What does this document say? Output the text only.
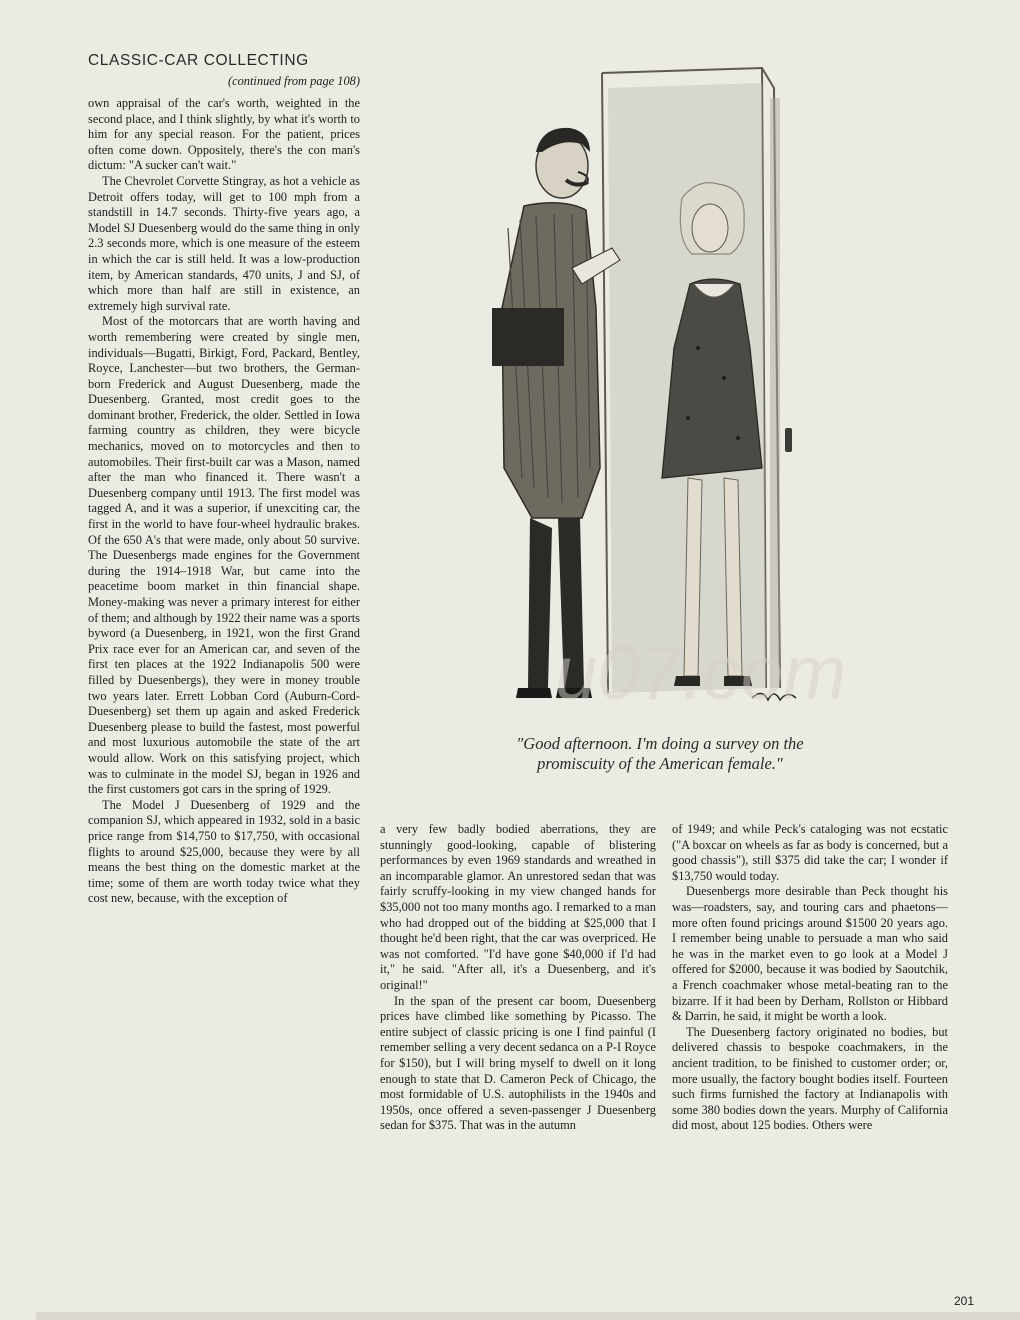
CLASSIC-CAR COLLECTING
(continued from page 108)

own appraisal of the car's worth, weighted in the second place, and I think slightly, by what it's worth to him for any special reason. For the patient, prices often come down. Oppositely, there's the con man's dictum: "A sucker can't wait."

The Chevrolet Corvette Stingray, as hot a vehicle as Detroit offers today, will get to 100 mph from a standstill in 14.7 seconds. Thirty-five years ago, a Model SJ Duesenberg would do the same thing in only 2.3 seconds more, which is one measure of the esteem in which the car is still held. It was a low-production item, by American standards, 470 units, J and SJ, of which more than half are still in existence, an extremely high survival rate.

Most of the motorcars that are worth having and worth remembering were created by single men, individuals—Bugatti, Birkigt, Ford, Packard, Bentley, Royce, Lanchester—but two brothers, the German-born Frederick and August Duesenberg, made the Duesenberg. Granted, most credit goes to the dominant brother, Frederick, the older. Settled in Iowa farming country as children, they were bicycle mechanics, moved on to motorcycles and then to automobiles. Their first-built car was a Mason, named after the man who financed it. There wasn't a Duesenberg company until 1913. The first model was tagged A, and it was a superior, if unexciting car, the first in the world to have four-wheel hydraulic brakes. Of the 650 A's that were made, only about 50 survive. The Duesenbergs made engines for the Government during the 1914–1918 War, but came into the peacetime boom market in thin financial shape. Money-making was never a primary interest for either of them; and although by 1922 their name was a sports byword (a Duesenberg, in 1921, won the first Grand Prix race ever for an American car, and seven of the first ten places at the 1922 Indianapolis 500 were filled by Duesenbergs), they were in money trouble two years later. Errett Lobban Cord (Auburn-Cord-Duesenberg) set them up again and asked Frederick Duesenberg please to build the fastest, most powerful and most luxurious automobile the state of the art would allow. Work on this satisfying project, which was to culminate in the model SJ, began in 1926 and the first customers got cars in the spring of 1929.

The Model J Duesenberg of 1929 and the companion SJ, which appeared in 1932, sold in a basic price range from $14,750 to $17,750, with occasional flights to around $25,000, because they were by all means the best thing on the domestic market at the time; some of them are worth today twice what they cost new, because, with the exception of

"Good afternoon. I'm doing a survey on the
promiscuity of the American female."

a very few badly bodied aberrations, they are stunningly good-looking, capable of blistering performances by even 1969 standards and wreathed in an incomparable glamor. An unrestored sedan that was fairly scruffy-looking in my view changed hands for $35,000 not too many months ago. I remarked to a man who had dropped out of the bidding at $25,000 that I thought he'd been right, that the car was overpriced. He was not comforted. "I'd have gone $40,000 if I'd had it," he said. "After all, it's a Duesenberg, and it's original!"

In the span of the present car boom, Duesenberg prices have climbed like something by Picasso. The entire subject of classic pricing is one I find painful (I remember selling a very decent sedanca on a P-I Royce for $150), but I will bring myself to dwell on it long enough to state that D. Cameron Peck of Chicago, the most formidable of U.S. autophilists in the 1940s and 1950s, once offered a seven-passenger J Duesenberg sedan for $375. That was in the autumn

of 1949; and while Peck's cataloging was not ecstatic ("A boxcar on wheels as far as body is concerned, but a good chassis"), still $375 did take the car; I wonder if $13,750 would today.

Duesenbergs more desirable than Peck thought his was—roadsters, say, and touring cars and phaetons—more often found pricings around $1500 20 years ago. I remember being unable to persuade a man who said he was in the market even to go look at a Model J offered for $2000, because it was bodied by Saoutchik, a French coachmaker whose metal-beating ran to the bizarre. If it had been by Derham, Rollston or Hibbard & Darrin, he said, it might be worth a look.

The Duesenberg factory originated no bodies, but delivered chassis to bespoke coachmakers, in the ancient tradition, to be finished to customer order; or, more usually, the factory bought bodies itself. Fourteen such firms furnished the factory at Indianapolis with some 380 bodies down the years. Murphy of California did most, about 125 bodies. Others were

201
u07.com
